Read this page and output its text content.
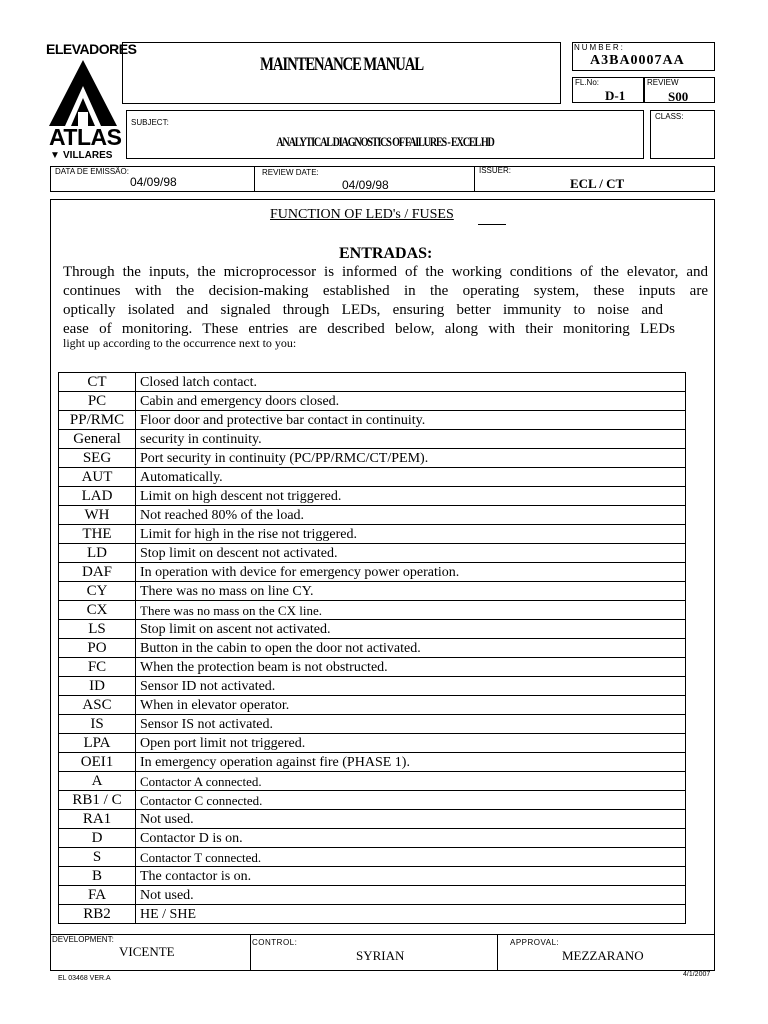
ELEVADORES
ATLAS
▼ VILLARES
MAINTENANCE MANUAL
NUMBER:
A3BA0007AA
FL.No:
D-1
REVIEW
S00
SUBJECT:
ANALYTICAL DIAGNOSTICS OF FAILURES - EXCEL HD
CLASS:
DATA DE EMISSÃO:
04/09/98
REVIEW DATE:
04/09/98
ISSUER:
ECL / CT
FUNCTION OF LED's / FUSES
ENTRADAS:
Through the inputs, the microprocessor is informed of the working conditions of the elevator, and
continues with the decision-making established in the operating system, these inputs are
optically isolated and signaled through LEDs, ensuring better immunity to noise and
ease of monitoring. These entries are described below, along with their monitoring LEDs
light up according to the occurrence next to you:
CT	Closed latch contact.
PC	Cabin and emergency doors closed.
PP/RMC	Floor door and protective bar contact in continuity.
General	security in continuity.
SEG	Port security in continuity (PC/PP/RMC/CT/PEM).
AUT	Automatically.
LAD	Limit on high descent not triggered.
WH	Not reached 80% of the load.
THE	Limit for high in the rise not triggered.
LD	Stop limit on descent not activated.
DAF	In operation with device for emergency power operation.
CY	There was no mass on line CY.
CX	There was no mass on the CX line.
LS	Stop limit on ascent not activated.
PO	Button in the cabin to open the door not activated.
FC	When the protection beam is not obstructed.
ID	Sensor ID not activated.
ASC	When in elevator operator.
IS	Sensor IS not activated.
LPA	Open port limit not triggered.
OEI1	In emergency operation against fire (PHASE 1).
A	Contactor A connected.
RB1 / C	Contactor C connected.
RA1	Not used.
D	Contactor D is on.
S	Contactor T connected.
B	The contactor is on.
FA	Not used.
RB2	HE / SHE
DEVELOPMENT:
VICENTE
CONTROL:
SYRIAN
APPROVAL:
MEZZARANO
EL 03468 VER.A
4/1/2007
